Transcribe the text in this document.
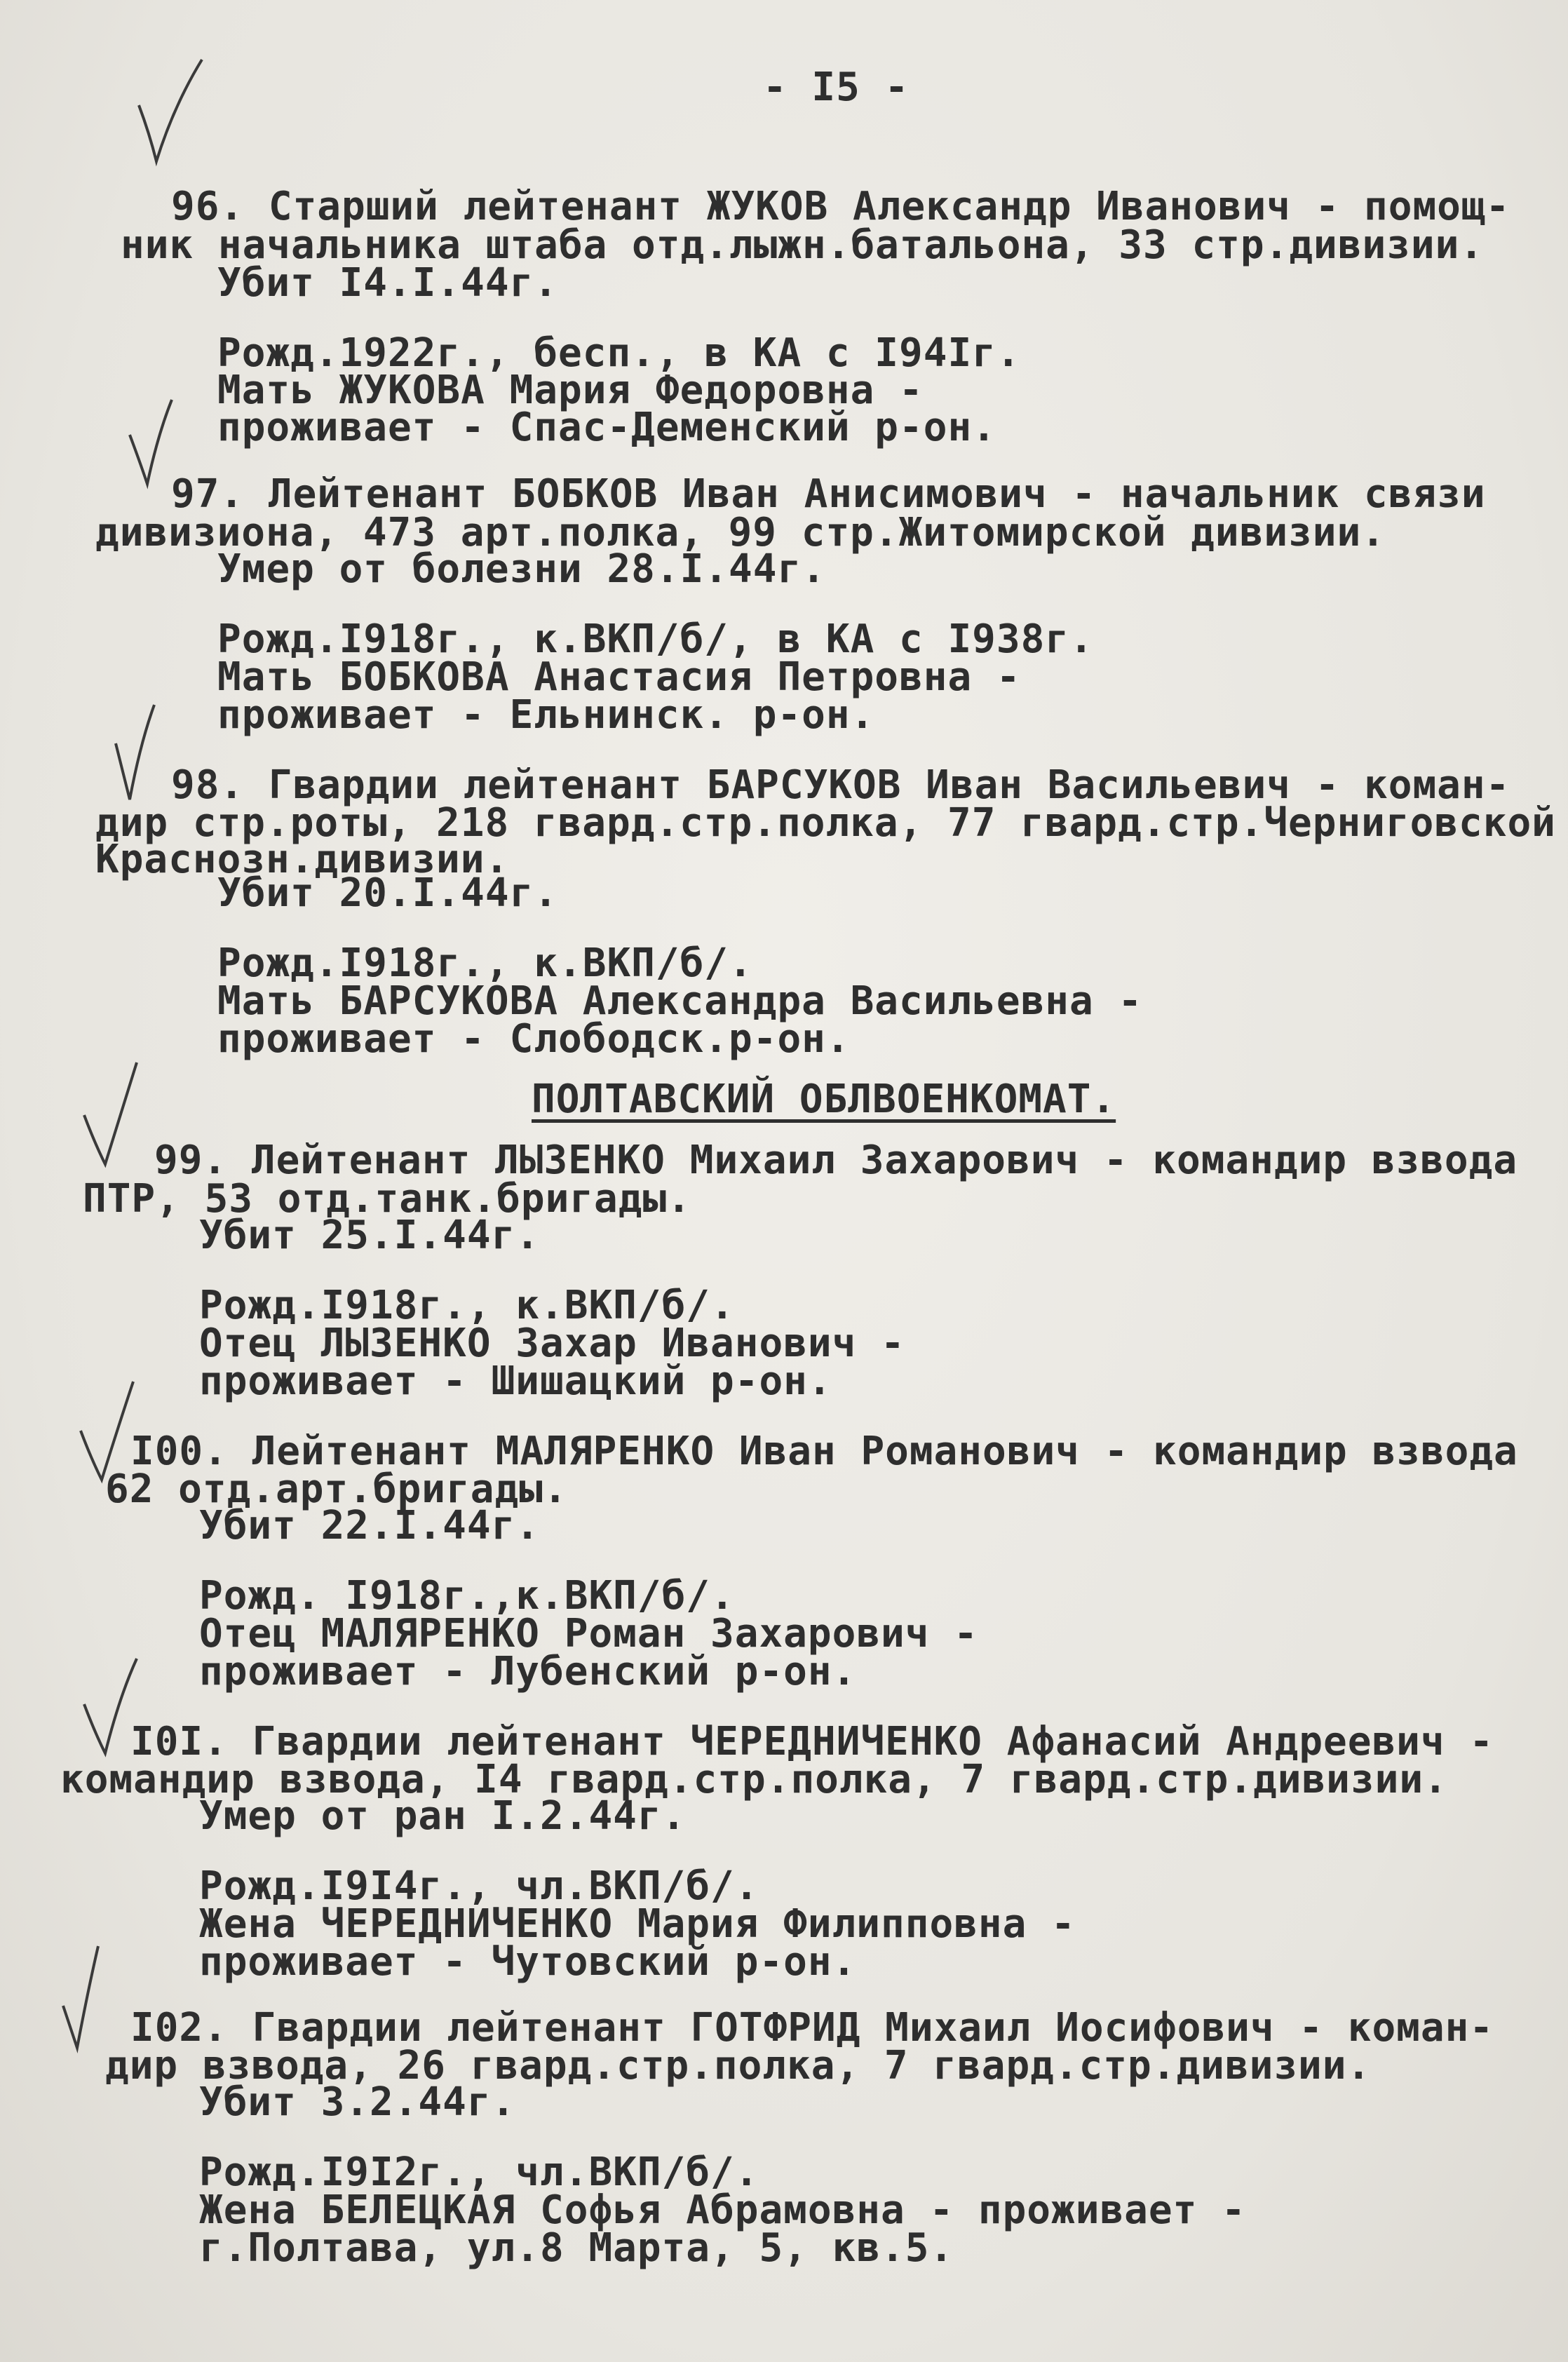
- I5 -
96. Старший лейтенант ЖУКОВ Александр Иванович - помощ-
ник начальника штаба отд.лыжн.батальона, 33 стр.дивизии.
Убит I4.I.44г.
Рожд.1922г., бесп., в КА с I94Iг.
Мать ЖУКОВА Мария Федоровна -
проживает - Спас-Деменский р-он.
97. Лейтенант БОБКОВ Иван Анисимович - начальник связи
дивизиона, 473 арт.полка, 99 стр.Житомирской дивизии.
Умер от болезни 28.I.44г.
Рожд.I918г., к.ВКП/б/, в КА с I938г.
Мать БОБКОВА Анастасия Петровна -
проживает - Ельнинск. р-он.
98. Гвардии лейтенант БАРСУКОВ Иван Васильевич - коман-
дир стр.роты, 218 гвард.стр.полка, 77 гвард.стр.Черниговской
Краснозн.дивизии.
Убит 20.I.44г.
Рожд.I918г., к.ВКП/б/.
Мать БАРСУКОВА Александра Васильевна -
проживает - Слободск.р-он.
ПОЛТАВСКИЙ ОБЛВОЕНКОМАТ.
99. Лейтенант ЛЫЗЕНКО Михаил Захарович - командир взвода
ПТР, 53 отд.танк.бригады.
Убит 25.I.44г.
Рожд.I918г., к.ВКП/б/.
Отец ЛЫЗЕНКО Захар Иванович -
проживает - Шишацкий р-он.
I00. Лейтенант МАЛЯРЕНКО Иван Романович - командир взвода
62 отд.арт.бригады.
Убит 22.I.44г.
Рожд. I918г.,к.ВКП/б/.
Отец МАЛЯРЕНКО Роман Захарович -
проживает - Лубенский р-он.
I0I. Гвардии лейтенант ЧЕРЕДНИЧЕНКО Афанасий Андреевич -
командир взвода, I4 гвард.стр.полка, 7 гвард.стр.дивизии.
Умер от ран I.2.44г.
Рожд.I9I4г., чл.ВКП/б/.
Жена ЧЕРЕДНИЧЕНКО Мария Филипповна -
проживает - Чутовский р-он.
I02. Гвардии лейтенант ГОТФРИД Михаил Иосифович - коман-
дир взвода, 26 гвард.стр.полка, 7 гвард.стр.дивизии.
Убит 3.2.44г.
Рожд.I9I2г., чл.ВКП/б/.
Жена БЕЛЕЦКАЯ Софья Абрамовна - проживает -
г.Полтава, ул.8 Марта, 5, кв.5.
